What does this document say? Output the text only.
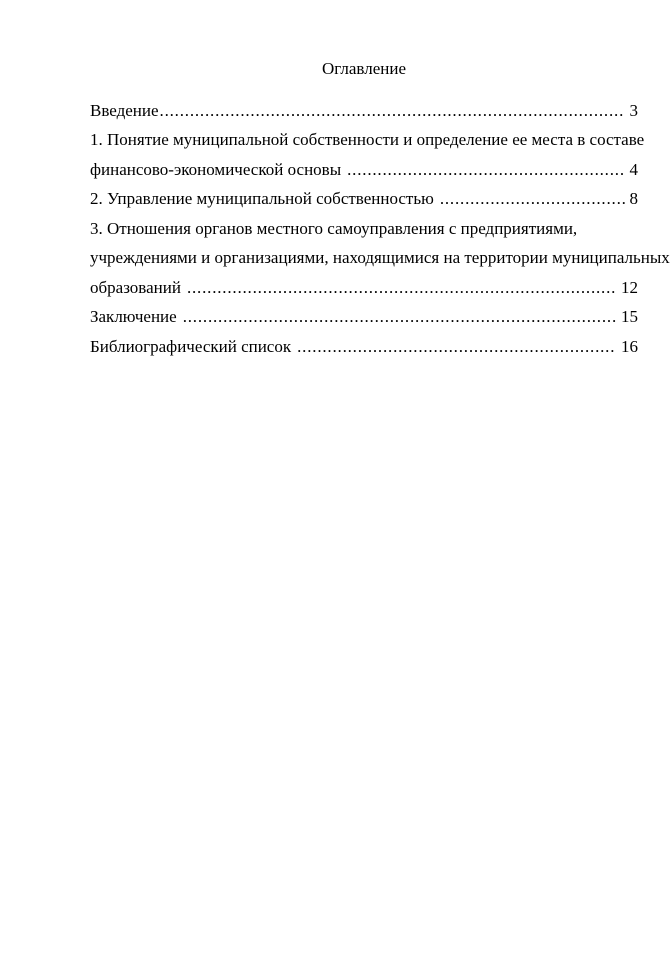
Оглавление
Введение .....	3
1. Понятие муниципальной собственности и определение ее места в составе
финансово-экономической основы .....	4
2. Управление муниципальной собственностью .....	8
3. Отношения органов местного самоуправления с предприятиями,
учреждениями и организациями, находящимися на территории муниципальных
образований .....	12
Заключение .....	15
Библиографический список .....	16
